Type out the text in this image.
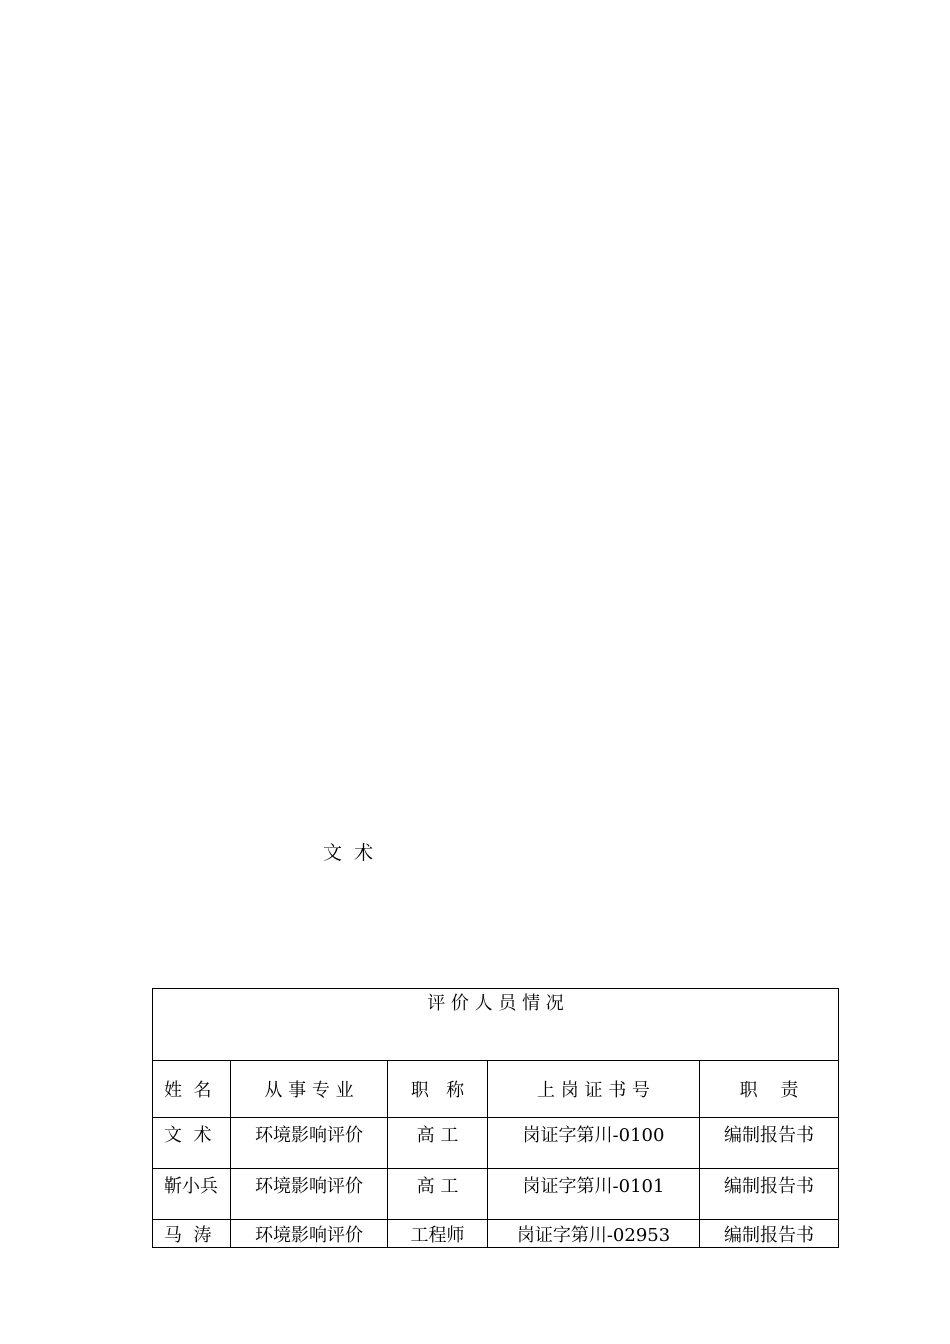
文  术
评 价 人 员 情 况				
姓  名	从 事 专 业	职   称	上 岗 证 书 号	职    责
文  术	环境影响评价	高 工	岗证字第川-0100	编制报告书
靳小兵	环境影响评价	高 工	岗证字第川-0101	编制报告书
马  涛	环境影响评价	工程师	岗证字第川-02953	编制报告书
